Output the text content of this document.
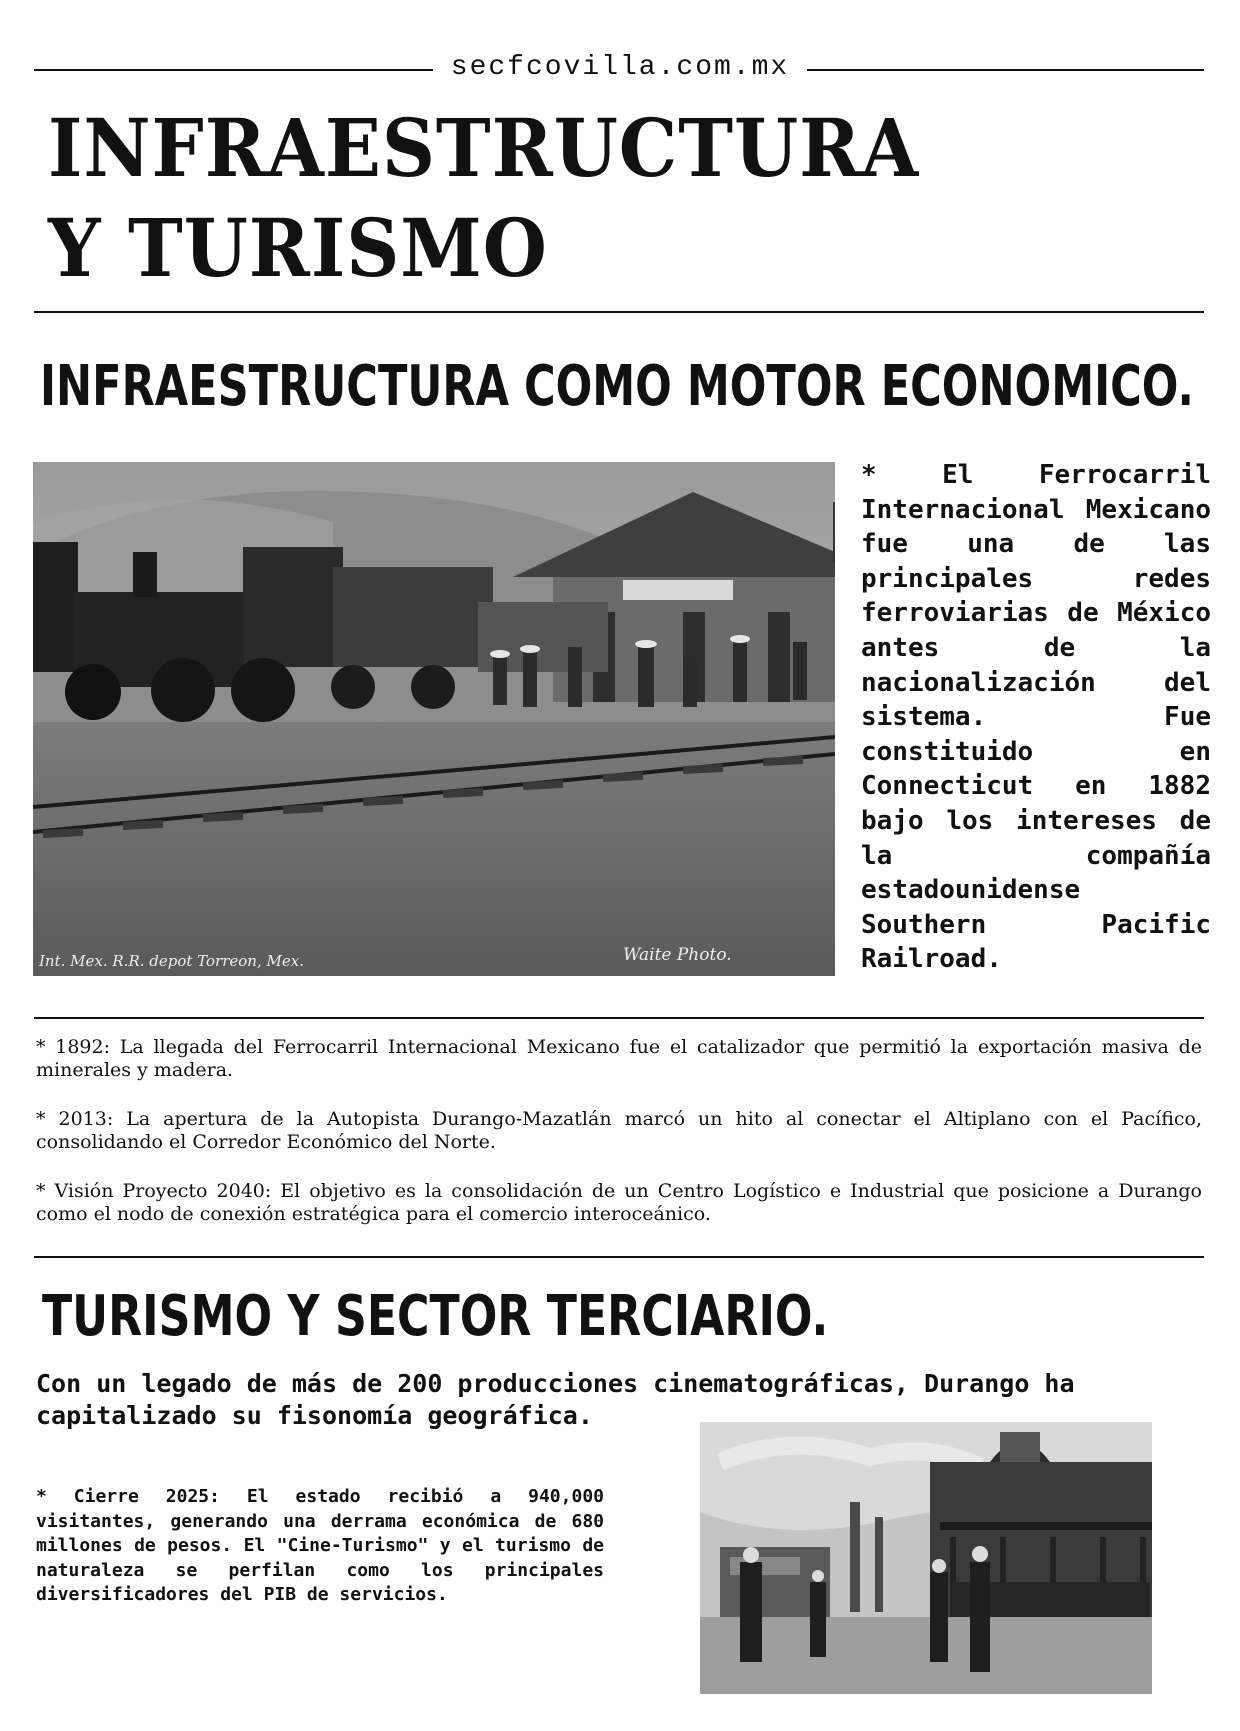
secfcovilla.com.mx
INFRAESTRUCTURA Y TURISMO
INFRAESTRUCTURA COMO MOTOR ECONOMICO.
Int. Mex. R.R. depot Torreon, Mex.	Waite Photo.

* El Ferrocarril Internacional Mexicano fue una de las principales redes ferroviarias de México antes de la nacionalización del sistema. Fue constituido en Connecticut en 1882 bajo los intereses de la compañía estadounidense Southern Pacific Railroad.

* 1892: La llegada del Ferrocarril Internacional Mexicano fue el catalizador que permitió la exportación masiva de minerales y madera.

* 2013: La apertura de la Autopista Durango-Mazatlán marcó un hito al conectar el Altiplano con el Pacífico, consolidando el Corredor Económico del Norte.

* Visión Proyecto 2040: El objetivo es la consolidación de un Centro Logístico e Industrial que posicione a Durango como el nodo de conexión estratégica para el comercio interoceánico.

TURISMO Y SECTOR TERCIARIO.

Con un legado de más de 200 producciones cinematográficas, Durango ha capitalizado su fisonomía geográfica.

* Cierre 2025: El estado recibió a 940,000 visitantes, generando una derrama económica de 680 millones de pesos. El "Cine-Turismo" y el turismo de naturaleza se perfilan como los principales diversificadores del PIB de servicios.
